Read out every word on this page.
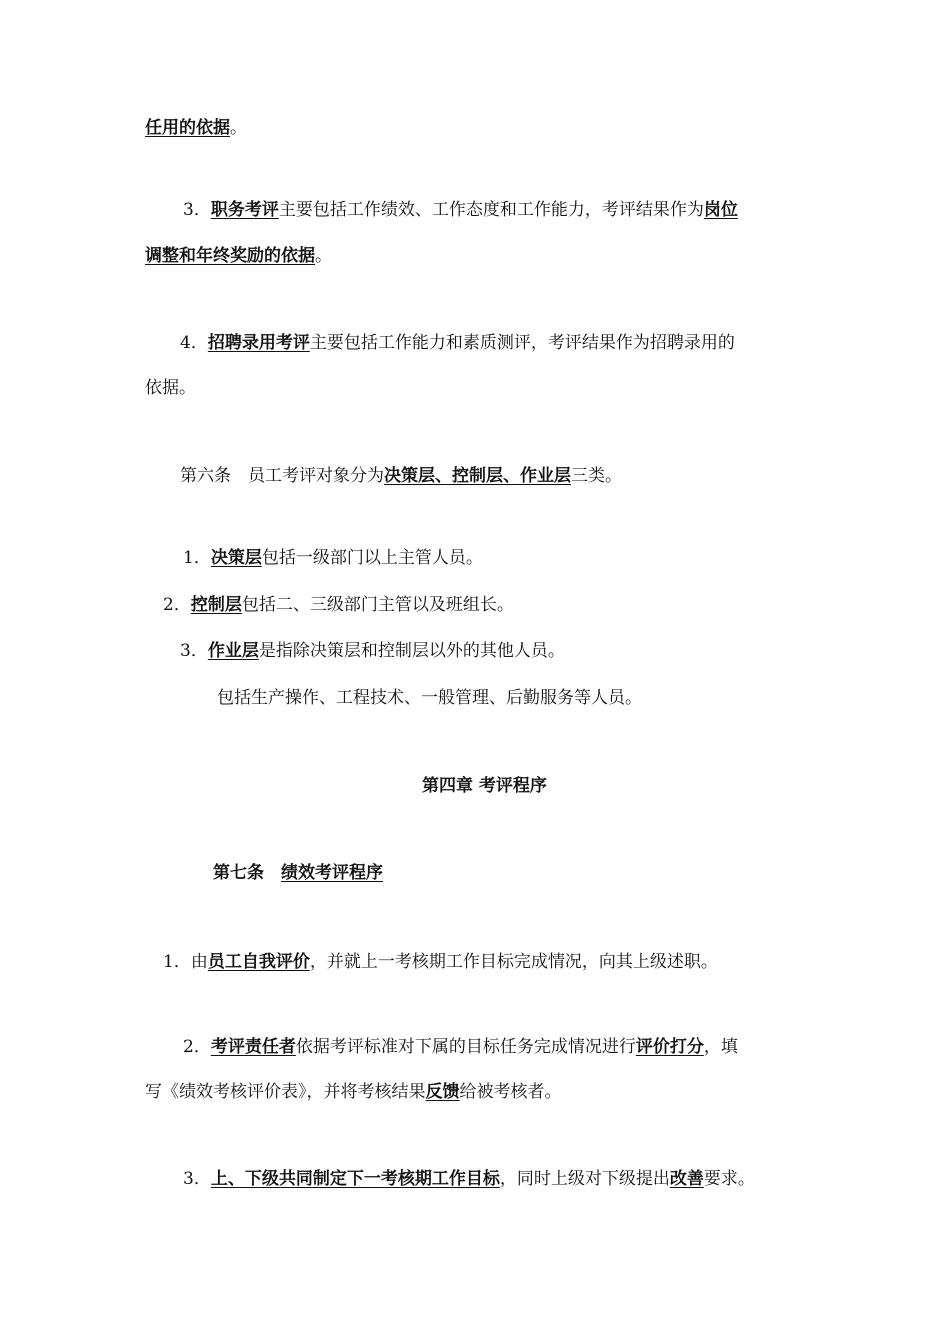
任用的依据。
3．职务考评主要包括工作绩效、工作态度和工作能力，考评结果作为岗位
调整和年终奖励的依据。
4．招聘录用考评主要包括工作能力和素质测评，考评结果作为招聘录用的
依据。
第六条　员工考评对象分为决策层、控制层、作业层三类。
1．决策层包括一级部门以上主管人员。
2．控制层包括二、三级部门主管以及班组长。
3．作业层是指除决策层和控制层以外的其他人员。
包括生产操作、工程技术、一般管理、后勤服务等人员。
第四章 考评程序
第七条　绩效考评程序
1．由员工自我评价，并就上一考核期工作目标完成情况，向其上级述职。
2．考评责任者依据考评标准对下属的目标任务完成情况进行评价打分，填
写《绩效考核评价表》，并将考核结果反馈给被考核者。
3．上、下级共同制定下一考核期工作目标，同时上级对下级提出改善要求。
